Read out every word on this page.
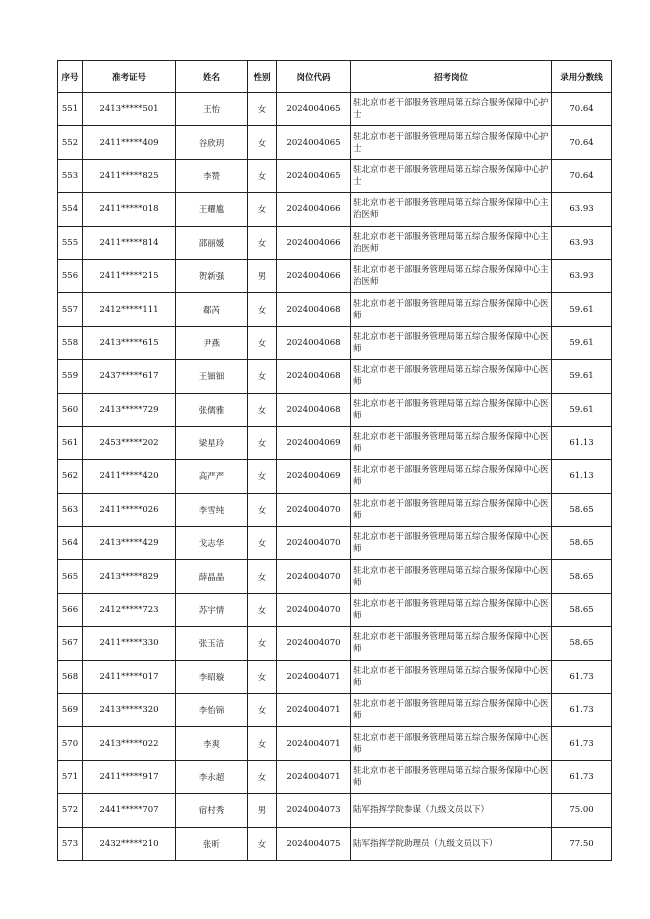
序号	准考证号	姓名	性别	岗位代码	招考岗位	录用分数线
551	2413*****501	王怡	女	2024004065	驻北京市老干部服务管理局第五综合服务保障中心护士	70.64
552	2411*****409	谷欣玥	女	2024004065	驻北京市老干部服务管理局第五综合服务保障中心护士	70.64
553	2411*****825	李赞	女	2024004065	驻北京市老干部服务管理局第五综合服务保障中心护士	70.64
554	2411*****018	王耀尴	女	2024004066	驻北京市老干部服务管理局第五综合服务保障中心主治医师	63.93
555	2411*****814	邵丽媛	女	2024004066	驻北京市老干部服务管理局第五综合服务保障中心主治医师	63.93
556	2411*****215	贺新强	男	2024004066	驻北京市老干部服务管理局第五综合服务保障中心主治医师	63.93
557	2412*****111	郗芮	女	2024004068	驻北京市老干部服务管理局第五综合服务保障中心医师	59.61
558	2413*****615	尹燕	女	2024004068	驻北京市老干部服务管理局第五综合服务保障中心医师	59.61
559	2437*****617	王钿钿	女	2024004068	驻北京市老干部服务管理局第五综合服务保障中心医师	59.61
560	2413*****729	张儒雅	女	2024004068	驻北京市老干部服务管理局第五综合服务保障中心医师	59.61
561	2453*****202	梁星玲	女	2024004069	驻北京市老干部服务管理局第五综合服务保障中心医师	61.13
562	2411*****420	高严严	女	2024004069	驻北京市老干部服务管理局第五综合服务保障中心医师	61.13
563	2411*****026	李雪纯	女	2024004070	驻北京市老干部服务管理局第五综合服务保障中心医师	58.65
564	2413*****429	戈志华	女	2024004070	驻北京市老干部服务管理局第五综合服务保障中心医师	58.65
565	2413*****829	薛晶晶	女	2024004070	驻北京市老干部服务管理局第五综合服务保障中心医师	58.65
566	2412*****723	苏宇情	女	2024004070	驻北京市老干部服务管理局第五综合服务保障中心医师	58.65
567	2411*****330	张玉洁	女	2024004070	驻北京市老干部服务管理局第五综合服务保障中心医师	58.65
568	2411*****017	李昭璇	女	2024004071	驻北京市老干部服务管理局第五综合服务保障中心医师	61.73
569	2413*****320	李怡锦	女	2024004071	驻北京市老干部服务管理局第五综合服务保障中心医师	61.73
570	2413*****022	李爽	女	2024004071	驻北京市老干部服务管理局第五综合服务保障中心医师	61.73
571	2411*****917	李永超	女	2024004071	驻北京市老干部服务管理局第五综合服务保障中心医师	61.73
572	2441*****707	宿村秀	男	2024004073	陆军指挥学院参谋（九级文员以下）	75.00
573	2432*****210	张昕	女	2024004075	陆军指挥学院助理员（九级文员以下）	77.50
